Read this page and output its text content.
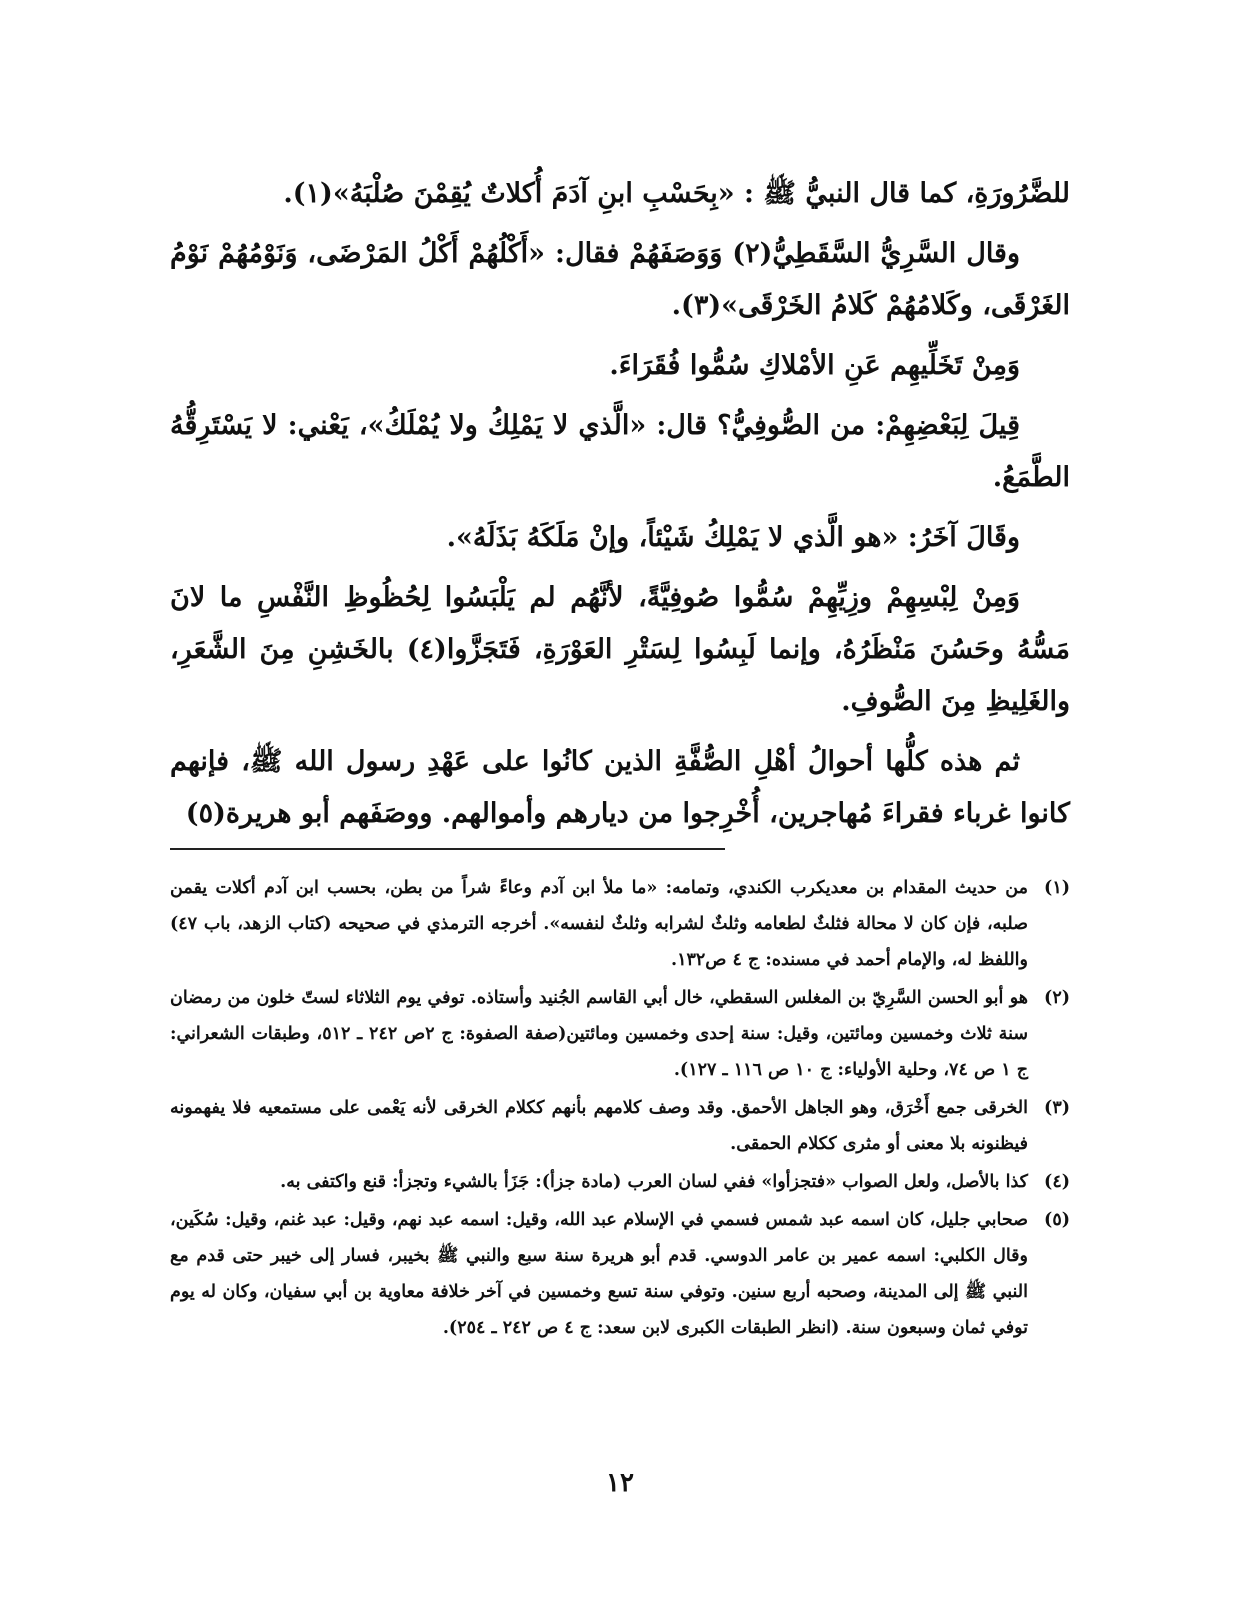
للضَّرُورَةِ، كما قال النبيُّ ﷺ : «بِحَسْبِ ابنِ آدَمَ أُكلاتٌ يُقِمْنَ صُلْبَهُ»(١).

وقال السَّرِيُّ السَّقَطِيُّ(٢) وَوَصَفَهُمْ فقال: «أَكْلُهُمْ أَكْلُ المَرْضَى، وَنَوْمُهُمْ نَوْمُ الغَرْقَى، وكَلامُهُمْ كَلامُ الخَرْقَى»(٣).

وَمِنْ تَخَلِّيهِم عَنِ الأمْلاكِ سُمُّوا فُقَرَاءَ.

قِيلَ لِبَعْضِهِمْ: من الصُّوفِيُّ؟ قال: «الَّذي لا يَمْلِكُ ولا يُمْلَكُ»، يَعْني: لا يَسْتَرِقُّهُ الطَّمَعُ.

وقَالَ آخَرُ: «هو الَّذي لا يَمْلِكُ شَيْئاً، وإنْ مَلَكَهُ بَذَلَهُ».

وَمِنْ لِبْسِهِمْ وزِيِّهِمْ سُمُّوا صُوفِيَّةً، لأنَّهُم لم يَلْبَسُوا لِحُظُوظِ النَّفْسِ ما لانَ مَسُّهُ وحَسُنَ مَنْظَرُهُ، وإنما لَبِسُوا لِسَتْرِ العَوْرَةِ، فَتَجَزَّوا(٤) بالخَشِنِ مِنَ الشَّعَرِ، والغَلِيظِ مِنَ الصُّوفِ.

ثم هذه كلُّها أحوالُ أهْلِ الصُّفَّةِ الذين كانُوا على عَهْدِ رسول الله ﷺ، فإنهم كانوا غرباء فقراءَ مُهاجرين، أُخْرِجوا من ديارهم وأموالهم. ووصَفَهم أبو هريرة(٥)

(١)
من حديث المقدام بن معديكرب الكندي، وتمامه: «ما ملأ ابن آدم وعاءً شراً من بطن، بحسب ابن آدم أكلات يقمن صلبه، فإن كان لا محالة فثلثٌ لطعامه وثلثٌ لشرابه وثلثٌ لنفسه». أخرجه الترمذي في صحيحه (كتاب الزهد، باب ٤٧) واللفظ له، والإمام أحمد في مسنده: ج ٤ ص١٣٢.

(٢)
هو أبو الحسن السَّرِيّ بن المغلس السقطي، خال أبي القاسم الجُنيد وأستاذه. توفي يوم الثلاثاء لستّ خلون من رمضان سنة ثلاث وخمسين ومائتين، وقيل: سنة إحدى وخمسين ومائتين(صفة الصفوة: ج ٢ص ٢٤٢ ـ ٥١٢، وطبقات الشعراني: ج ١ ص ٧٤، وحلية الأولياء: ج ١٠ ص ١١٦ ـ ١٢٧).

(٣)
الخرقى جمع أَخْرَق، وهو الجاهل الأحمق. وقد وصف كلامهم بأنهم ككلام الخرقى لأنه يَعْمى على مستمعيه فلا يفهمونه فيظنونه بلا معنى أو مثرى ككلام الحمقى.

(٤)
كذا بالأصل، ولعل الصواب «فتجزأوا» ففي لسان العرب (مادة جزأ): جَزَأ بالشيء وتجزأ: قنع واكتفى به.

(٥)
صحابي جليل، كان اسمه عبد شمس فسمي في الإسلام عبد الله، وقيل: اسمه عبد نهم، وقيل: عبد غنم، وقيل: سُكَين، وقال الكلبي: اسمه عمير بن عامر الدوسي. قدم أبو هريرة سنة سبع والنبي ﷺ بخيبر، فسار إلى خيبر حتى قدم مع النبي ﷺ إلى المدينة، وصحبه أربع سنين. وتوفي سنة تسع وخمسين في آخر خلافة معاوية بن أبي سفيان، وكان له يوم توفي ثمان وسبعون سنة. (انظر الطبقات الكبرى لابن سعد: ج ٤ ص ٢٤٢ ـ ٢٥٤).

١٢
